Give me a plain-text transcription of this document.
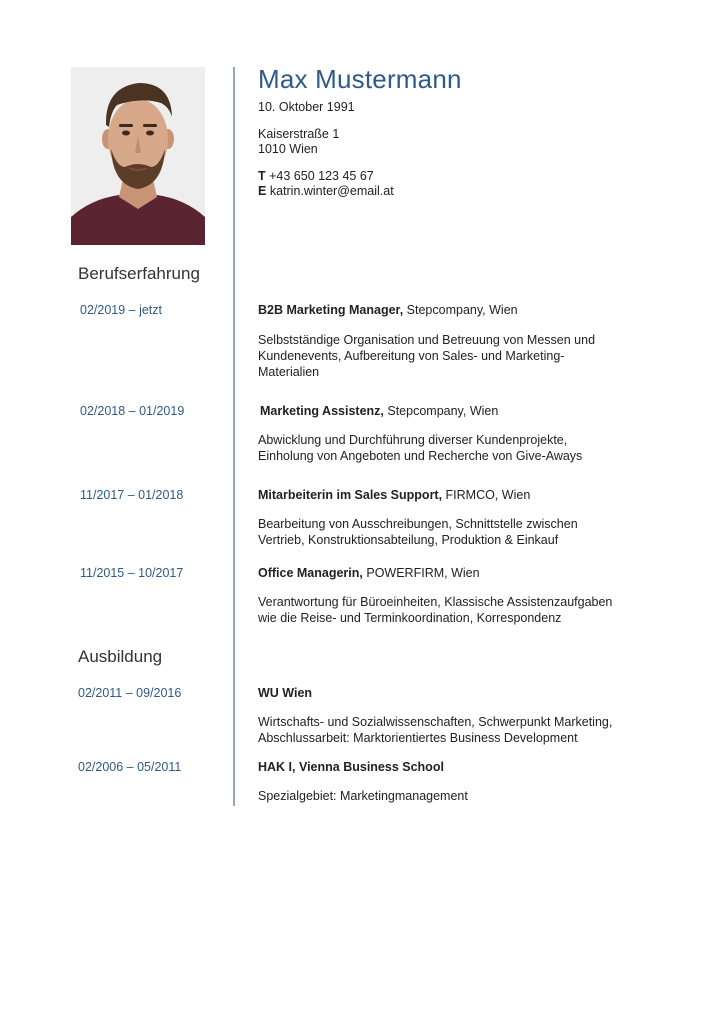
Max Mustermann
10. Oktober 1991
Kaiserstraße 1
1010 Wien
T +43 650 123 45 67
E katrin.winter@email.at
Berufserfahrung
02/2019 – jetzt	B2B Marketing Manager, Stepcompany, Wien
Selbstständige Organisation und Betreuung von Messen und
Kundenevents, Aufbereitung von Sales- und Marketing-
Materialien
02/2018 – 01/2019	Marketing Assistenz, Stepcompany, Wien
Abwicklung und Durchführung diverser Kundenprojekte,
Einholung von Angeboten und Recherche von Give-Aways
11/2017 – 01/2018	Mitarbeiterin im Sales Support, FIRMCO, Wien
Bearbeitung von Ausschreibungen, Schnittstelle zwischen
Vertrieb, Konstruktionsabteilung, Produktion & Einkauf
11/2015 – 10/2017	Office Managerin, POWERFIRM, Wien
Verantwortung für Büroeinheiten, Klassische Assistenzaufgaben
wie die Reise- und Terminkoordination, Korrespondenz
Ausbildung
02/2011 – 09/2016	WU Wien
Wirtschafts- und Sozialwissenschaften, Schwerpunkt Marketing,
Abschlussarbeit: Marktorientiertes Business Development
02/2006 – 05/2011	HAK I, Vienna Business School
Spezialgebiet: Marketingmanagement
